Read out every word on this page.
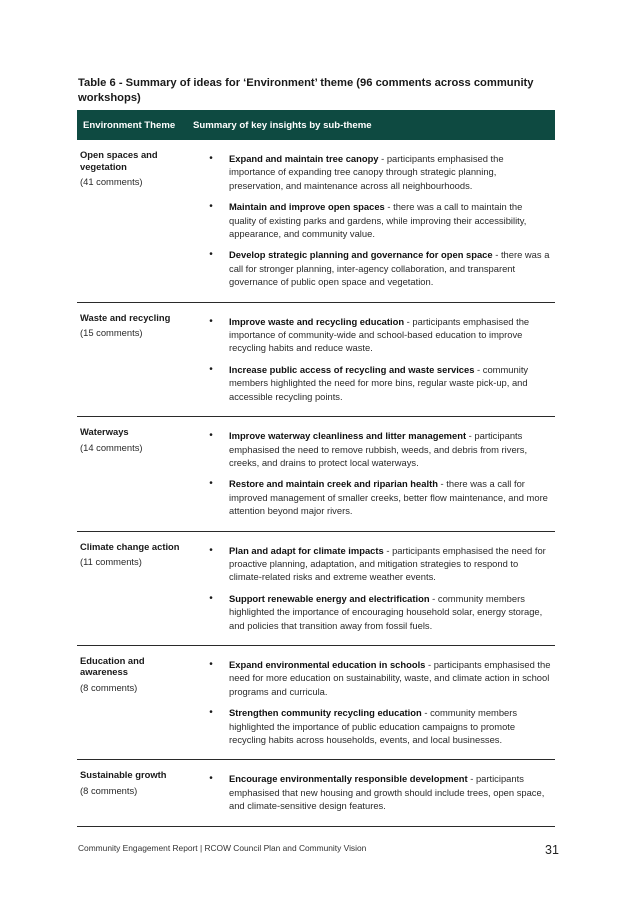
Table 6 - Summary of ideas for ‘Environment’ theme (96 comments across community workshops)
Environment Theme	Summary of key insights by sub-theme
Open spaces and vegetation
(41 comments)
•	Expand and maintain tree canopy - participants emphasised the importance of expanding tree canopy through strategic planning, preservation, and maintenance across all neighbourhoods.
•	Maintain and improve open spaces - there was a call to maintain the quality of existing parks and gardens, while improving their accessibility, appearance, and community value.
•	Develop strategic planning and governance for open space - there was a call for stronger planning, inter-agency collaboration, and transparent governance of public open space and vegetation.
Waste and recycling
(15 comments)
•	Improve waste and recycling education - participants emphasised the importance of community-wide and school-based education to improve recycling habits and reduce waste.
•	Increase public access of recycling and waste services - community members highlighted the need for more bins, regular waste pick-up, and accessible recycling points.
Waterways
(14 comments)
•	Improve waterway cleanliness and litter management - participants emphasised the need to remove rubbish, weeds, and debris from rivers, creeks, and drains to protect local waterways.
•	Restore and maintain creek and riparian health - there was a call for improved management of smaller creeks, better flow maintenance, and more attention beyond major rivers.
Climate change action
(11 comments)
•	Plan and adapt for climate impacts - participants emphasised the need for proactive planning, adaptation, and mitigation strategies to respond to climate-related risks and extreme weather events.
•	Support renewable energy and electrification - community members highlighted the importance of encouraging household solar, energy storage, and policies that transition away from fossil fuels.
Education and awareness
(8 comments)
•	Expand environmental education in schools - participants emphasised the need for more education on sustainability, waste, and climate action in school programs and curricula.
•	Strengthen community recycling education - community members highlighted the importance of public education campaigns to promote recycling habits across households, events, and local businesses.
Sustainable growth
(8 comments)
•	Encourage environmentally responsible development - participants emphasised that new housing and growth should include trees, open space, and climate-sensitive design features.
Community Engagement Report | RCOW Council Plan and Community Vision	31
